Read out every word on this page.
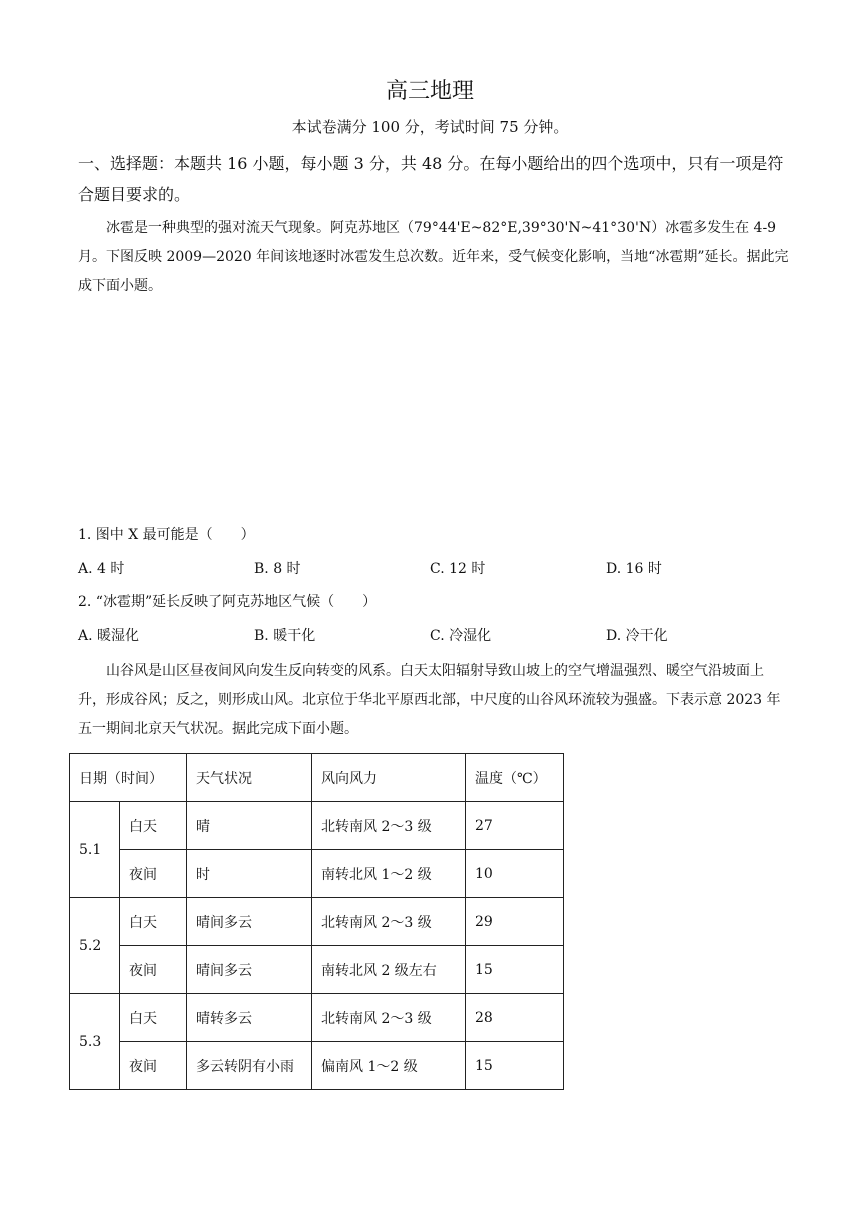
高三地理
本试卷满分 100 分，考试时间 75 分钟。
一、选择题：本题共 16 小题，每小题 3 分，共 48 分。在每小题给出的四个选项中，只有一项是符合题目要求的。
冰雹是一种典型的强对流天气现象。阿克苏地区（79°44'E~82°E,39°30'N~41°30'N）冰雹多发生在 4-9 月。下图反映 2009—2020 年间该地逐时冰雹发生总次数。近年来，受气候变化影响，当地“冰雹期”延长。据此完成下面小题。
1. 图中 X 最可能是（　　）
A. 4 时	B. 8 时	C. 12 时	D. 16 时
2. “冰雹期”延长反映了阿克苏地区气候（　　）
A. 暖湿化	B. 暖干化	C. 冷湿化	D. 冷干化
山谷风是山区昼夜间风向发生反向转变的风系。白天太阳辐射导致山坡上的空气增温强烈、暖空气沿坡面上升，形成谷风；反之，则形成山风。北京位于华北平原西北部，中尺度的山谷风环流较为强盛。下表示意 2023 年五一期间北京天气状况。据此完成下面小题。
日期（时间）		天气状况	风向风力	温度（℃）
5.1	白天	晴	北转南风 2～3 级	27
	夜间	时	南转北风 1～2 级	10
5.2	白天	晴间多云	北转南风 2～3 级	29
	夜间	晴间多云	南转北风 2 级左右	15
5.3	白天	晴转多云	北转南风 2～3 级	28
	夜间	多云转阴有小雨	偏南风 1～2 级	15
